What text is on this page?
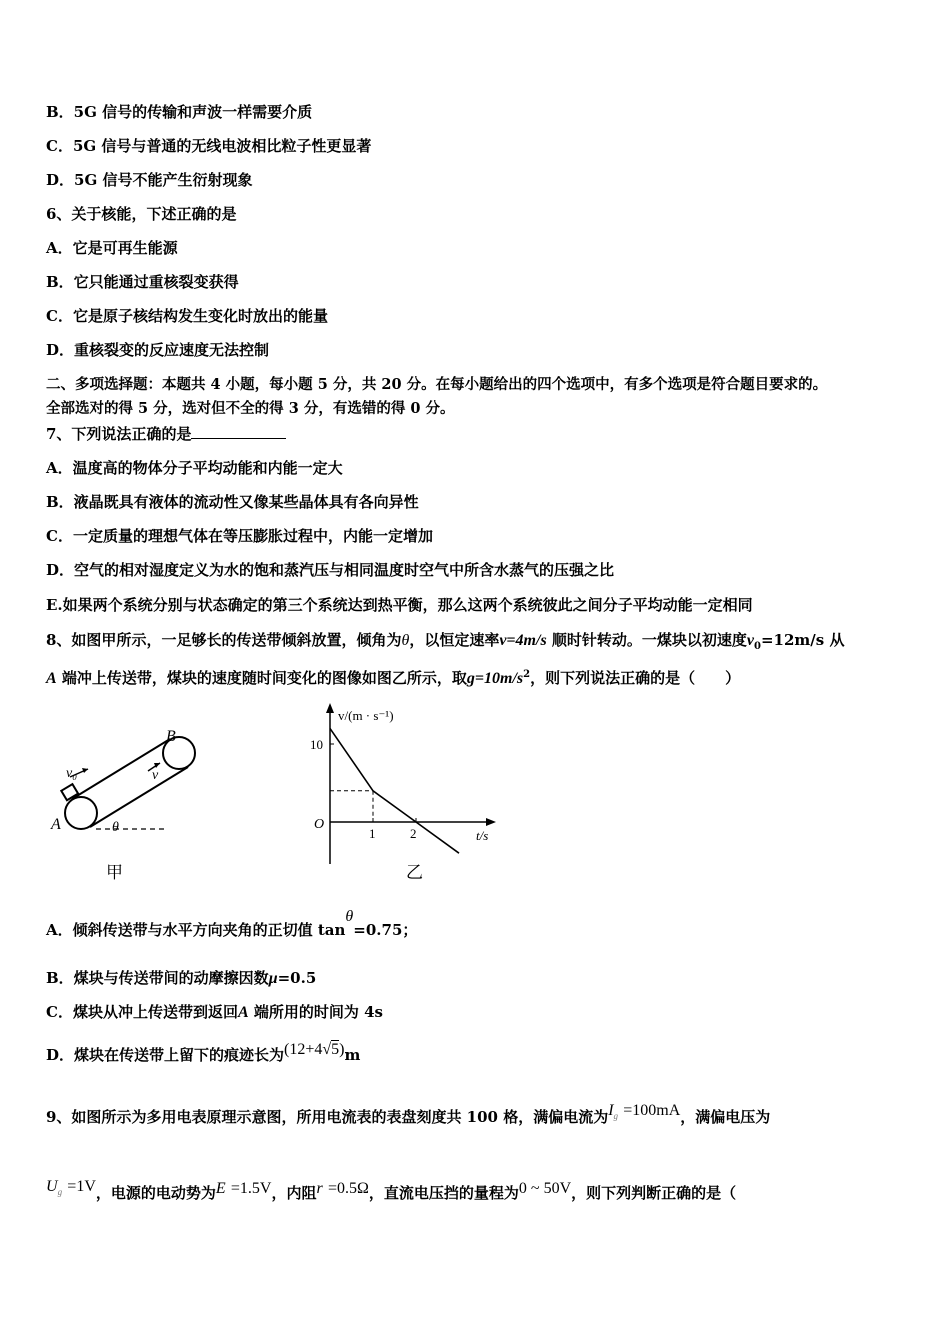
B．5G 信号的传输和声波一样需要介质
C．5G 信号与普通的无线电波相比粒子性更显著
D．5G 信号不能产生衍射现象
6、关于核能，下述正确的是
A．它是可再生能源
B．它只能通过重核裂变获得
C．它是原子核结构发生变化时放出的能量
D．重核裂变的反应速度无法控制
二、多项选择题：本题共 4 小题，每小题 5 分，共 20 分。在每小题给出的四个选项中，有多个选项是符合题目要求的。
全部选对的得 5 分，选对但不全的得 3 分，有选错的得 0 分。
7、下列说法正确的是
A．温度高的物体分子平均动能和内能一定大
B．液晶既具有液体的流动性又像某些晶体具有各向异性
C．一定质量的理想气体在等压膨胀过程中，内能一定增加
D．空气的相对湿度定义为水的饱和蒸汽压与相同温度时空气中所含水蒸气的压强之比
E.如果两个系统分别与状态确定的第三个系统达到热平衡，那么这两个系统彼此之间分子平均动能一定相同
8、如图甲所示，一足够长的传送带倾斜放置，倾角为θ，以恒定速率v=4m/s 顺时针转动。一煤块以初速度$v_0=12m/s$ 从
A 端冲上传送带，煤块的速度随时间变化的图像如图乙所示，取$g=10m/s^2$，则下列说法正确的是（　　）
B
A	θ
v₀	v
甲
v/(m · s⁻¹)
t/s
O
10
1	2
乙
A．倾斜传送带与水平方向夹角的正切值 tanθ=0.75；
B．煤块与传送带间的动摩擦因数μ=0.5
C．煤块从冲上传送带到返回A 端所用的时间为 4s
D．煤块在传送带上留下的痕迹长为(12+4√5)m
9、如图所示为多用电表原理示意图，所用电流表的表盘刻度共 100 格，满偏电流为$I_g =100mA$，满偏电压为
$U_g =1V$，电源的电动势为E =1.5V，内阻r =0.5Ω，直流电压挡的量程为0 ~ 50V，则下列判断正确的是（
